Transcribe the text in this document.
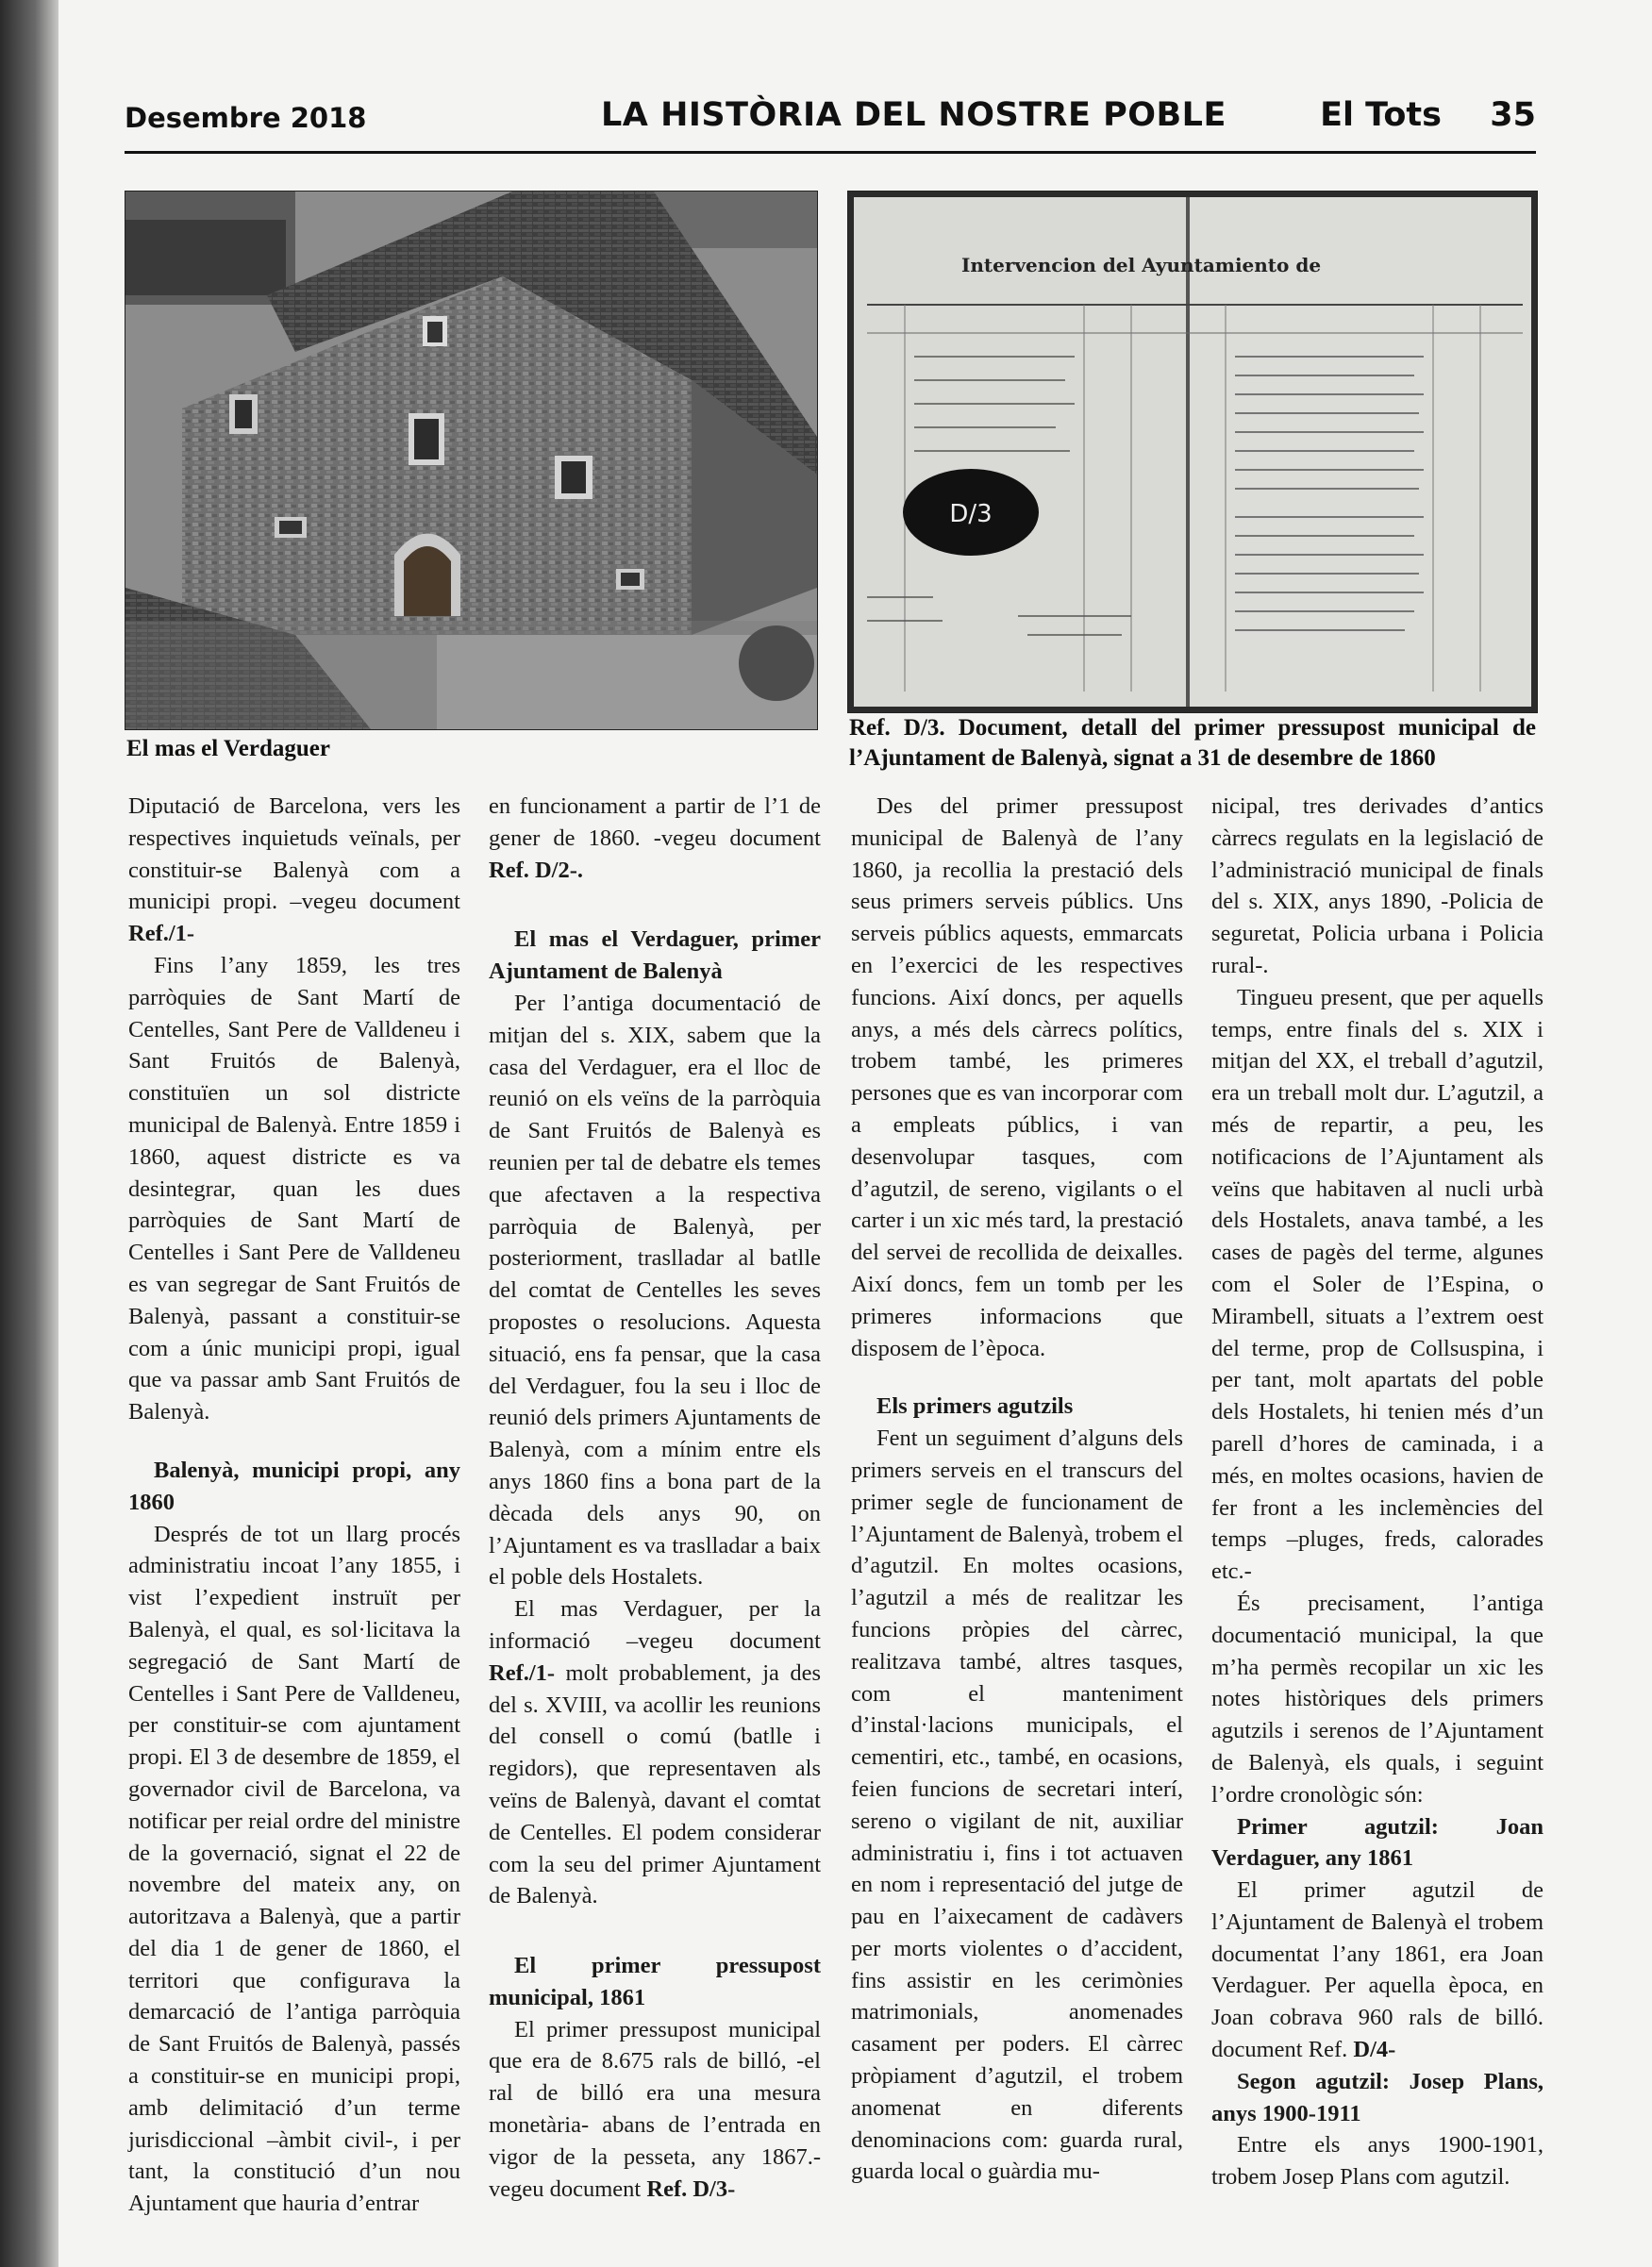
Desembre 2018	LA HISTÒRIA DEL NOSTRE POBLE	El Tots 35
El mas el Verdaguer
Intervencion del Ayuntamiento de
D/3
Ref. D/3. Document, detall del primer pressupost municipal de l’Ajuntament de Balenyà, signat a 31 de desembre de 1860

Diputació de Barcelona, vers les respectives inquietuds veïnals, per constituir-se Balenyà com a municipi propi. –vegeu document Ref./1-

Fins l’any 1859, les tres parròquies de Sant Martí de Centelles, Sant Pere de Valldeneu i Sant Fruitós de Balenyà, constituïen un sol districte municipal de Balenyà. Entre 1859 i 1860, aquest districte es va desintegrar, quan les dues parròquies de Sant Martí de Centelles i Sant Pere de Valldeneu es van segregar de Sant Fruitós de Balenyà, passant a constituir-se com a únic municipi propi, igual que va passar amb Sant Fruitós de Balenyà.

Balenyà, municipi propi, any 1860

Després de tot un llarg procés administratiu incoat l’any 1855, i vist l’expedient instruït per Balenyà, el qual, es sol·licitava la segregació de Sant Martí de Centelles i Sant Pere de Valldeneu, per constituir-se com ajuntament propi. El 3 de desembre de 1859, el governador civil de Barcelona, va notificar per reial ordre del ministre de la governació, signat el 22 de novembre del mateix any, on autoritzava a Balenyà, que a partir del dia 1 de gener de 1860, el territori que configurava la demarcació de l’antiga parròquia de Sant Fruitós de Balenyà, passés a constituir-se en municipi propi, amb delimitació d’un terme jurisdiccional –àmbit civil-, i per tant, la constitució d’un nou Ajuntament que hauria d’entrar

en funcionament a partir de l’1 de gener de 1860. -vegeu document Ref. D/2-.

El mas el Verdaguer, primer Ajuntament de Balenyà

Per l’antiga documentació de mitjan del s. XIX, sabem que la casa del Verdaguer, era el lloc de reunió on els veïns de la parròquia de Sant Fruitós de Balenyà es reunien per tal de debatre els temes que afectaven a la respectiva parròquia de Balenyà, per posteriorment, traslladar al batlle del comtat de Centelles les seves propostes o resolucions. Aquesta situació, ens fa pensar, que la casa del Verdaguer, fou la seu i lloc de reunió dels primers Ajuntaments de Balenyà, com a mínim entre els anys 1860 fins a bona part de la dècada dels anys 90, on l’Ajuntament es va traslladar a baix el poble dels Hostalets.

El mas Verdaguer, per la informació –vegeu document Ref./1- molt probablement, ja des del s. XVIII, va acollir les reunions del consell o comú (batlle i regidors), que representaven als veïns de Balenyà, davant el comtat de Centelles. El podem considerar com la seu del primer Ajuntament de Balenyà.

El primer pressupost municipal, 1861

El primer pressupost municipal que era de 8.675 rals de billó, -el ral de billó era una mesura monetària- abans de l’entrada en vigor de la pesseta, any 1867.-vegeu document Ref. D/3-

Des del primer pressupost municipal de Balenyà de l’any 1860, ja recollia la prestació dels seus primers serveis públics. Uns serveis públics aquests, emmarcats en l’exercici de les respectives funcions. Així doncs, per aquells anys, a més dels càrrecs polítics, trobem també, les primeres persones que es van incorporar com a empleats públics, i van desenvolupar tasques, com d’agutzil, de sereno, vigilants o el carter i un xic més tard, la prestació del servei de recollida de deixalles. Així doncs, fem un tomb per les primeres informacions que disposem de l’època.

Els primers agutzils

Fent un seguiment d’alguns dels primers serveis en el transcurs del primer segle de funcionament de l’Ajuntament de Balenyà, trobem el d’agutzil. En moltes ocasions, l’agutzil a més de realitzar les funcions pròpies del càrrec, realitzava també, altres tasques, com el manteniment d’instal·lacions municipals, el cementiri, etc., també, en ocasions, feien funcions de secretari interí, sereno o vigilant de nit, auxiliar administratiu i, fins i tot actuaven en nom i representació del jutge de pau en l’aixecament de cadàvers per morts violentes o d’accident, fins assistir en les cerimònies matrimonials, anomenades casament per poders. El càrrec pròpiament d’agutzil, el trobem anomenat en diferents denominacions com: guarda rural, guarda local o guàrdia mu-

nicipal, tres derivades d’antics càrrecs regulats en la legislació de l’administració municipal de finals del s. XIX, anys 1890, -Policia de seguretat, Policia urbana i Policia rural-.

Tingueu present, que per aquells temps, entre finals del s. XIX i mitjan del XX, el treball d’agutzil, era un treball molt dur. L’agutzil, a més de repartir, a peu, les notificacions de l’Ajuntament als veïns que habitaven al nucli urbà dels Hostalets, anava també, a les cases de pagès del terme, algunes com el Soler de l’Espina, o Mirambell, situats a l’extrem oest del terme, prop de Collsuspina, i per tant, molt apartats del poble dels Hostalets, hi tenien més d’un parell d’hores de caminada, i a més, en moltes ocasions, havien de fer front a les inclemències del temps –pluges, freds, calorades etc.-

És precisament, l’antiga documentació municipal, la que m’ha permès recopilar un xic les notes històriques dels primers agutzils i serenos de l’Ajuntament de Balenyà, els quals, i seguint l’ordre cronològic són:

Primer agutzil: Joan Verdaguer, any 1861

El primer agutzil de l’Ajuntament de Balenyà el trobem documentat l’any 1861, era Joan Verdaguer. Per aquella època, en Joan cobrava 960 rals de billó. document Ref. D/4-

Segon agutzil: Josep Plans, anys 1900-1911

Entre els anys 1900-1901, trobem Josep Plans com agutzil.
